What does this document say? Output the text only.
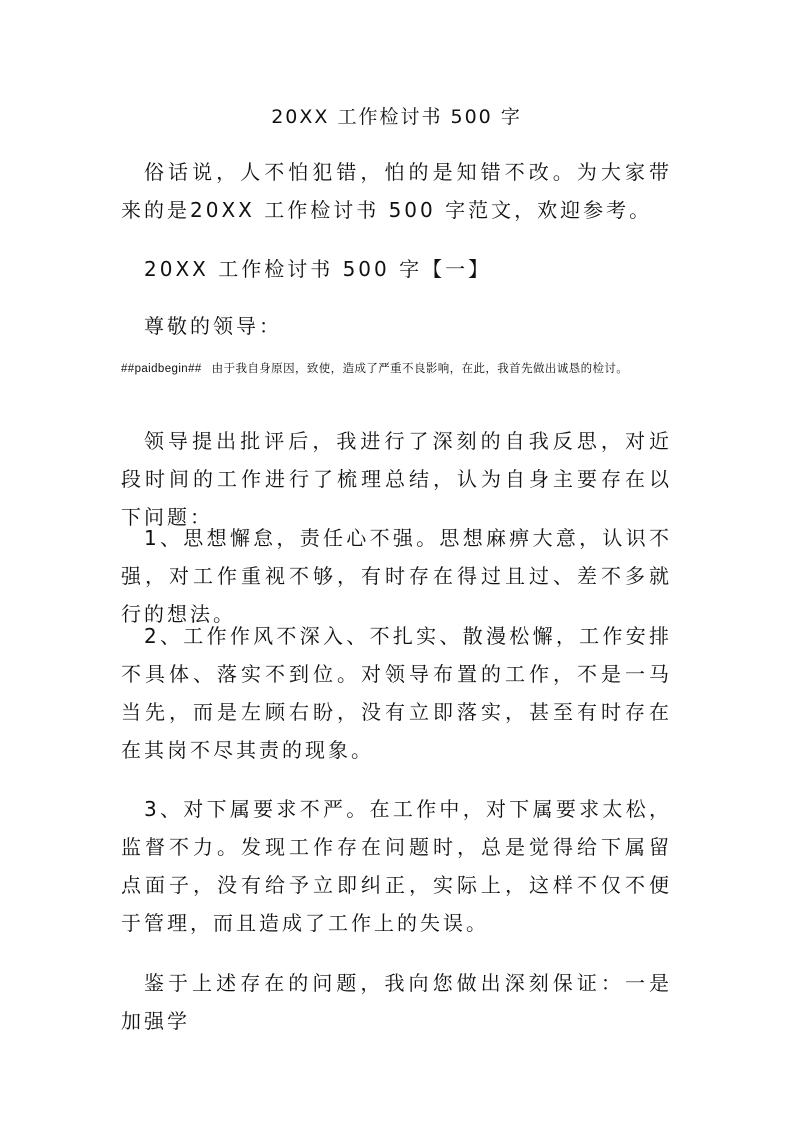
20XX 工作检讨书 500 字

俗话说，人不怕犯错，怕的是知错不改。为大家带来的是20XX 工作检讨书 500 字范文，欢迎参考。

20XX 工作检讨书 500 字【一】

尊敬的领导：

##paidbegin## 由于我自身原因，致使，造成了严重不良影响，在此，我首先做出诚恳的检讨。

领导提出批评后，我进行了深刻的自我反思，对近段时间的工作进行了梳理总结，认为自身主要存在以下问题：

1、思想懈怠，责任心不强。思想麻痹大意，认识不强，对工作重视不够，有时存在得过且过、差不多就行的想法。

2、工作作风不深入、不扎实、散漫松懈，工作安排不具体、落实不到位。对领导布置的工作，不是一马当先，而是左顾右盼，没有立即落实，甚至有时存在在其岗不尽其责的现象。

3、对下属要求不严。在工作中，对下属要求太松，监督不力。发现工作存在问题时，总是觉得给下属留点面子，没有给予立即纠正，实际上，这样不仅不便于管理，而且造成了工作上的失误。

鉴于上述存在的问题，我向您做出深刻保证：一是加强学
